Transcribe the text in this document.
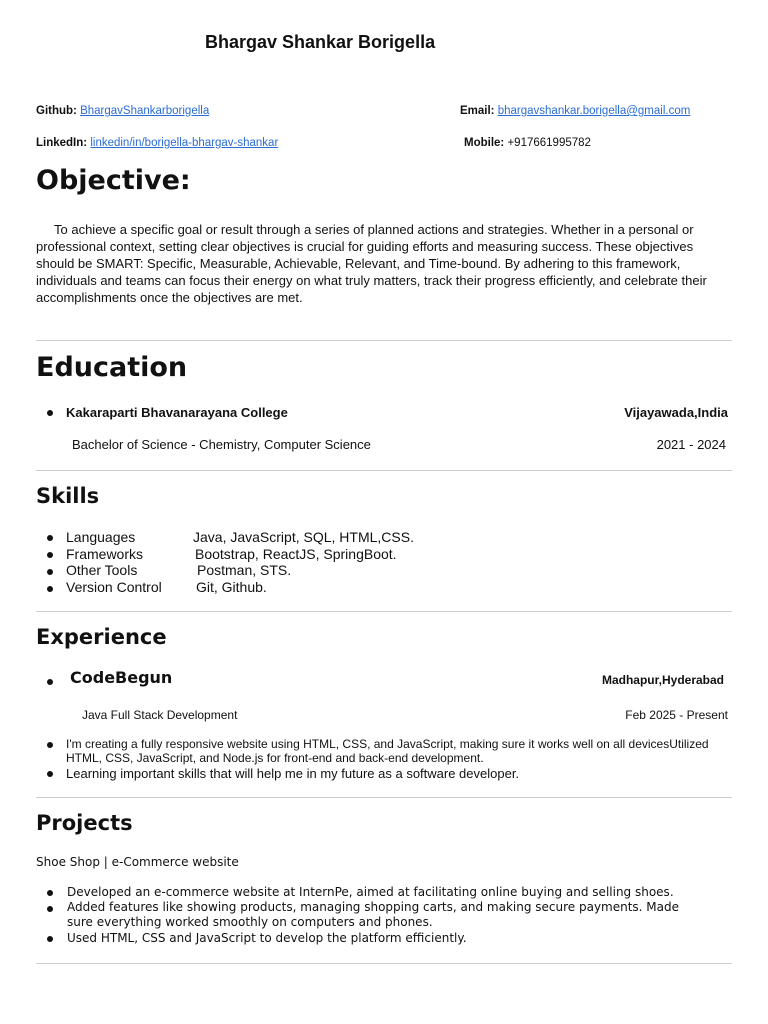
Bhargav Shankar Borigella
Github: BhargavShankarborigella	Email: bhargavshankar.borigella@gmail.com
LinkedIn: linkedin/in/borigella-bhargav-shankar	Mobile: +917661995782
Objective:
To achieve a specific goal or result through a series of planned actions and strategies. Whether in a personal or professional context, setting clear objectives is crucial for guiding efforts and measuring success. These objectives should be SMART: Specific, Measurable, Achievable, Relevant, and Time-bound. By adhering to this framework, individuals and teams can focus their energy on what truly matters, track their progress efficiently, and celebrate their accomplishments once the objectives are met.
Education
Kakaraparti Bhavanarayana College	Vijayawada,India
Bachelor of Science - Chemistry, Computer Science	2021 - 2024
Skills
Languages	Java, JavaScript, SQL, HTML,CSS.
Frameworks	Bootstrap, ReactJS, SpringBoot.
Other Tools	Postman, STS.
Version Control Git, Github.
Experience
CodeBegun	Madhapur,Hyderabad
Java Full Stack Development	Feb 2025 - Present
I'm creating a fully responsive website using HTML, CSS, and JavaScript, making sure it works well on all devicesUtilized HTML, CSS, JavaScript, and Node.js for front-end and back-end development.
Learning important skills that will help me in my future as a software developer.
Projects
Shoe Shop | e-Commerce website
Developed an e-commerce website at InternPe, aimed at facilitating online buying and selling shoes.
Added features like showing products, managing shopping carts, and making secure payments. Made sure everything worked smoothly on computers and phones.
Used HTML, CSS and JavaScript to develop the platform efficiently.
